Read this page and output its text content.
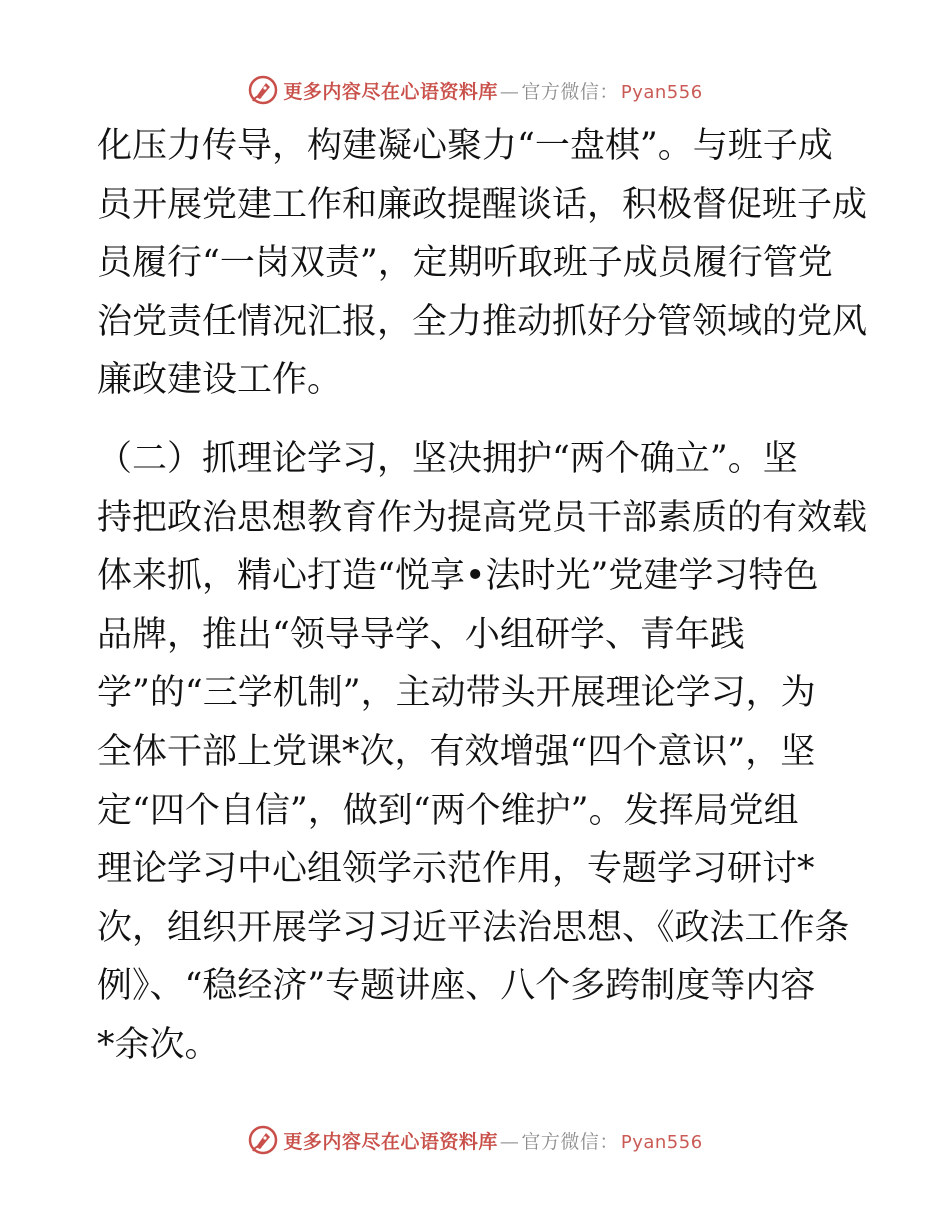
更多内容尽在心语资料库 — 官方微信： Pyan556

化压力传导，构建凝心聚力“一盘棋”。与班子成
员开展党建工作和廉政提醒谈话，积极督促班子成
员履行“一岗双责”，定期听取班子成员履行管党
治党责任情况汇报，全力推动抓好分管领域的党风
廉政建设工作。

（二）抓理论学习，坚决拥护“两个确立”。坚
持把政治思想教育作为提高党员干部素质的有效载
体来抓，精心打造“悦享•法时光”党建学习特色
品牌，推出“领导导学、小组研学、青年践
学”的“三学机制”，主动带头开展理论学习，为
全体干部上党课*次，有效增强“四个意识”，坚
定“四个自信”，做到“两个维护”。发挥局党组
理论学习中心组领学示范作用，专题学习研讨*
次，组织开展学习习近平法治思想、《政法工作条
例》、“稳经济”专题讲座、八个多跨制度等内容
*余次。

更多内容尽在心语资料库 — 官方微信： Pyan556
